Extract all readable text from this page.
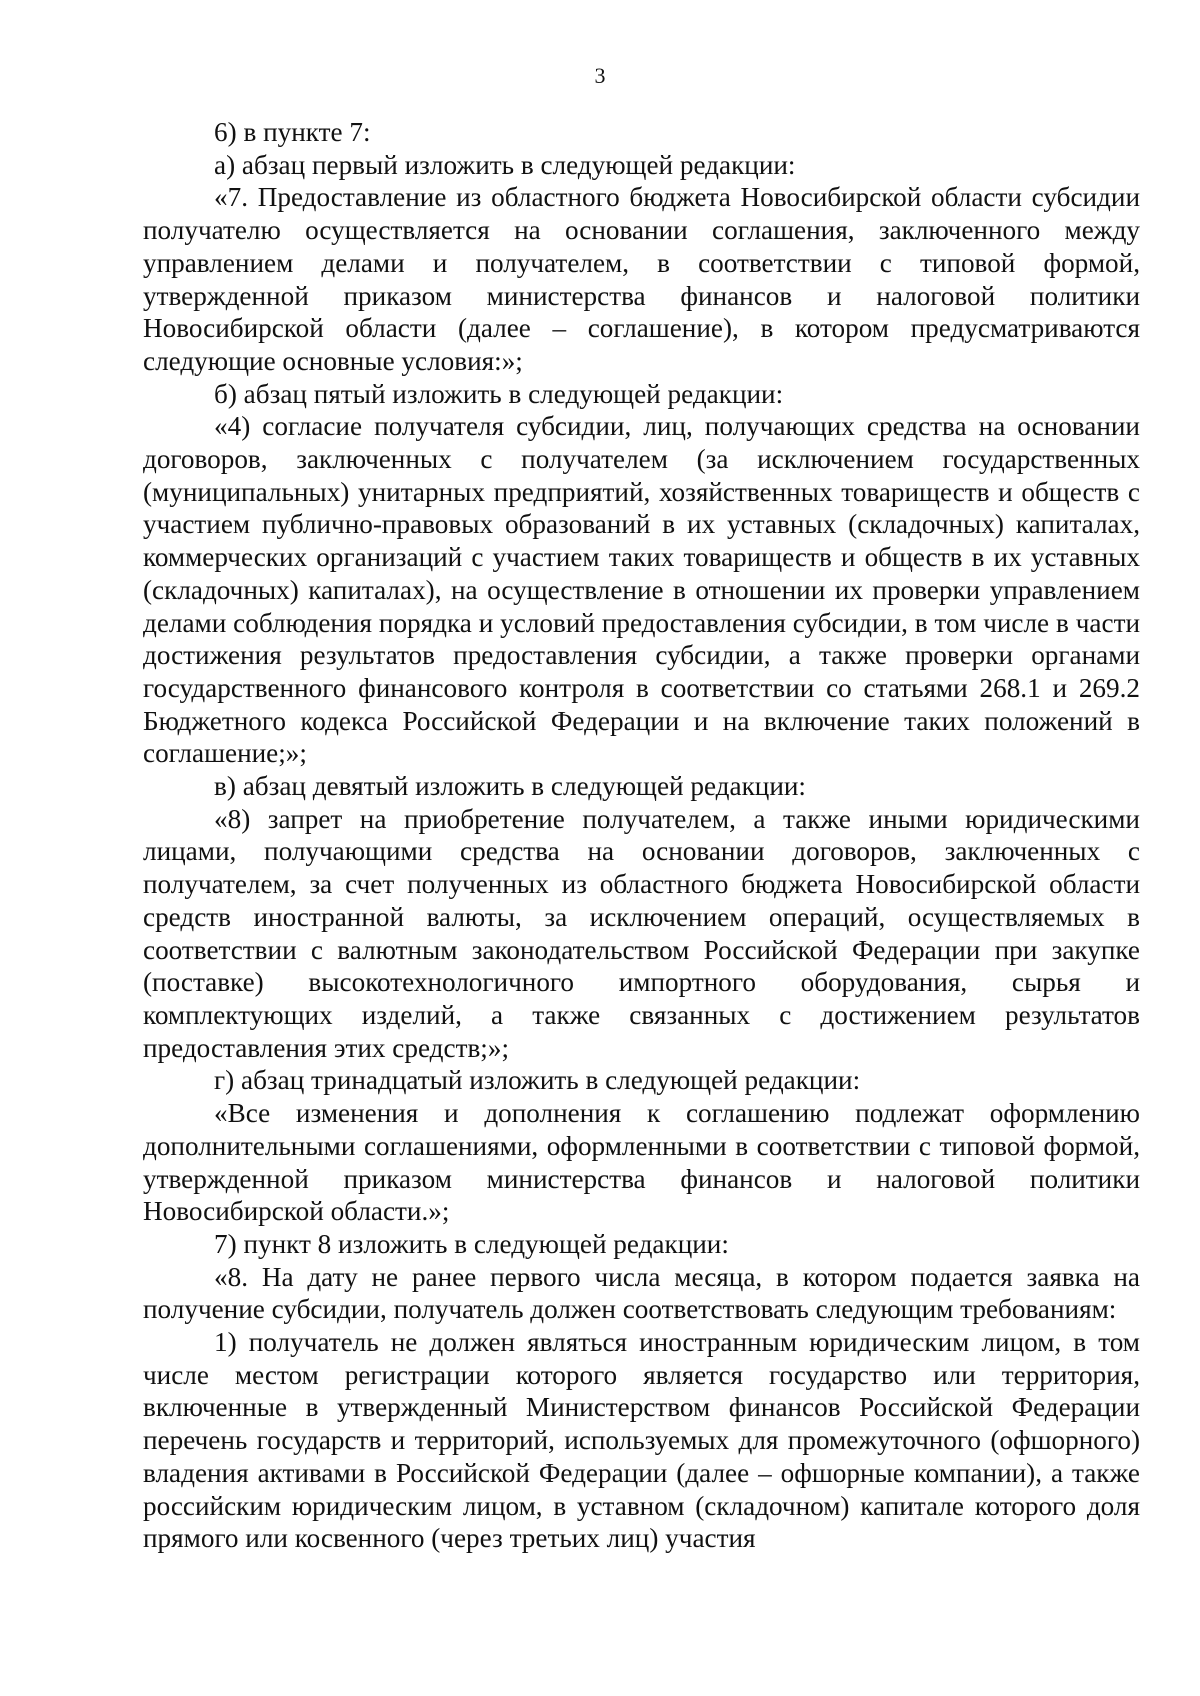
3

6) в пункте 7:

а) абзац первый изложить в следующей редакции:

«7. Предоставление из областного бюджета Новосибирской области субсидии получателю осуществляется на основании соглашения, заключенного между управлением делами и получателем, в соответствии с типовой формой, утвержденной приказом министерства финансов и налоговой политики Новосибирской области (далее – соглашение), в котором предусматриваются следующие основные условия:»;

б) абзац пятый изложить в следующей редакции:

«4) согласие получателя субсидии, лиц, получающих средства на основании договоров, заключенных с получателем (за исключением государственных (муниципальных) унитарных предприятий, хозяйственных товариществ и обществ с участием публично-правовых образований в их уставных (складочных) капиталах, коммерческих организаций с участием таких товариществ и обществ в их уставных (складочных) капиталах), на осуществление в отношении их проверки управлением делами соблюдения порядка и условий предоставления субсидии, в том числе в части достижения результатов предоставления субсидии, а также проверки органами государственного финансового контроля в соответствии со статьями 268.1 и 269.2 Бюджетного кодекса Российской Федерации и на включение таких положений в соглашение;»;

в) абзац девятый изложить в следующей редакции:

«8) запрет на приобретение получателем, а также иными юридическими лицами, получающими средства на основании договоров, заключенных с получателем, за счет полученных из областного бюджета Новосибирской области средств иностранной валюты, за исключением операций, осуществляемых в соответствии с валютным законодательством Российской Федерации при закупке (поставке) высокотехнологичного импортного оборудования, сырья и комплектующих изделий, а также связанных с достижением результатов предоставления этих средств;»;

г) абзац тринадцатый изложить в следующей редакции:

«Все изменения и дополнения к соглашению подлежат оформлению дополнительными соглашениями, оформленными в соответствии с типовой формой, утвержденной приказом министерства финансов и налоговой политики Новосибирской области.»;

7) пункт 8 изложить в следующей редакции:

«8. На дату не ранее первого числа месяца, в котором подается заявка на получение субсидии, получатель должен соответствовать следующим требованиям:

1) получатель не должен являться иностранным юридическим лицом, в том числе местом регистрации которого является государство или территория, включенные в утвержденный Министерством финансов Российской Федерации перечень государств и территорий, используемых для промежуточного (офшорного) владения активами в Российской Федерации (далее – офшорные компании), а также российским юридическим лицом, в уставном (складочном) капитале которого доля прямого или косвенного (через третьих лиц) участия
